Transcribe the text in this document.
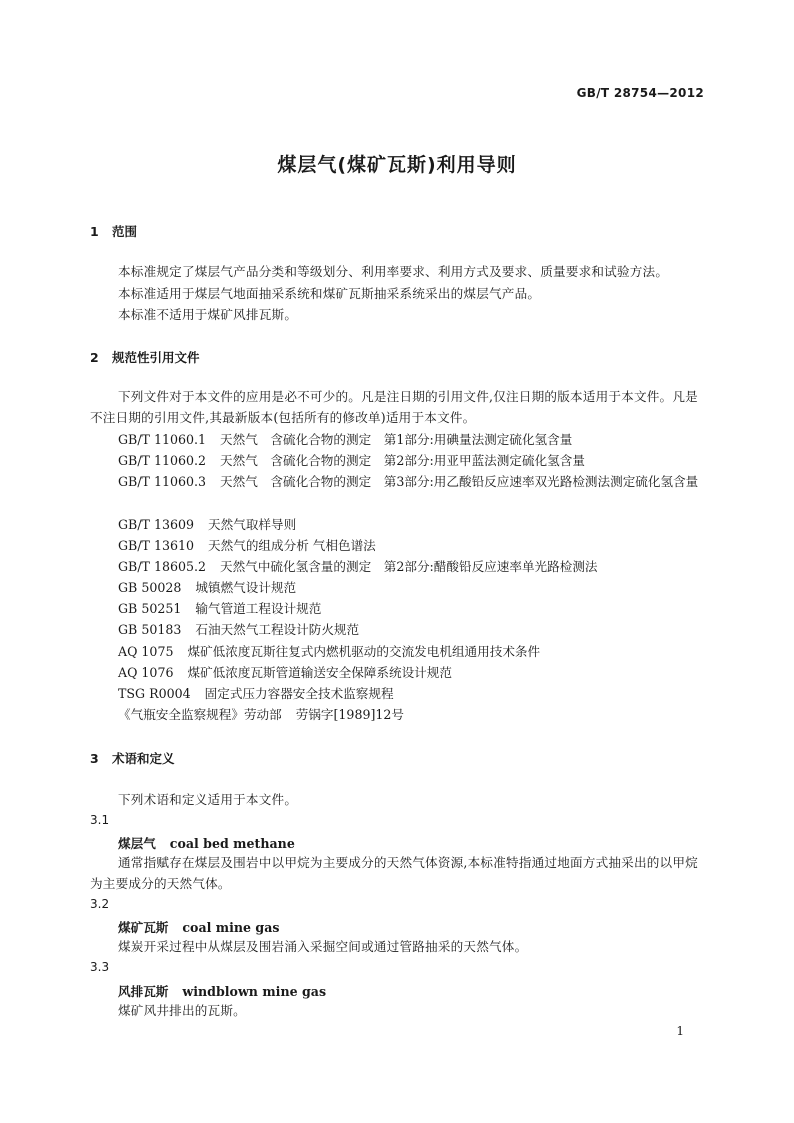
GB/T 28754—2012
煤层气(煤矿瓦斯)利用导则
1 范围
本标准规定了煤层气产品分类和等级划分、利用率要求、利用方式及要求、质量要求和试验方法。
本标准适用于煤层气地面抽采系统和煤矿瓦斯抽采系统采出的煤层气产品。
本标准不适用于煤矿风排瓦斯。
2 规范性引用文件
下列文件对于本文件的应用是必不可少的。凡是注日期的引用文件,仅注日期的版本适用于本文件。凡是不注日期的引用文件,其最新版本(包括所有的修改单)适用于本文件。
GB/T 11060.1 天然气　含硫化合物的测定　第1部分:用碘量法测定硫化氢含量
GB/T 11060.2 天然气　含硫化合物的测定　第2部分:用亚甲蓝法测定硫化氢含量
GB/T 11060.3 天然气　含硫化合物的测定　第3部分:用乙酸铅反应速率双光路检测法测定硫化氢含量
GB/T 13609 天然气取样导则
GB/T 13610 天然气的组成分析 气相色谱法
GB/T 18605.2 天然气中硫化氢含量的测定　第2部分:醋酸铅反应速率单光路检测法
GB 50028 城镇燃气设计规范
GB 50251 输气管道工程设计规范
GB 50183 石油天然气工程设计防火规范
AQ 1075 煤矿低浓度瓦斯往复式内燃机驱动的交流发电机组通用技术条件
AQ 1076 煤矿低浓度瓦斯管道输送安全保障系统设计规范
TSG R0004 固定式压力容器安全技术监察规程
《气瓶安全监察规程》劳动部 劳锅字[1989]12号
3 术语和定义
下列术语和定义适用于本文件。
3.1
煤层气 coal bed methane
通常指赋存在煤层及围岩中以甲烷为主要成分的天然气体资源,本标准特指通过地面方式抽采出的以甲烷为主要成分的天然气体。
3.2
煤矿瓦斯 coal mine gas
煤炭开采过程中从煤层及围岩涌入采掘空间或通过管路抽采的天然气体。
3.3
风排瓦斯 windblown mine gas
煤矿风井排出的瓦斯。
1
